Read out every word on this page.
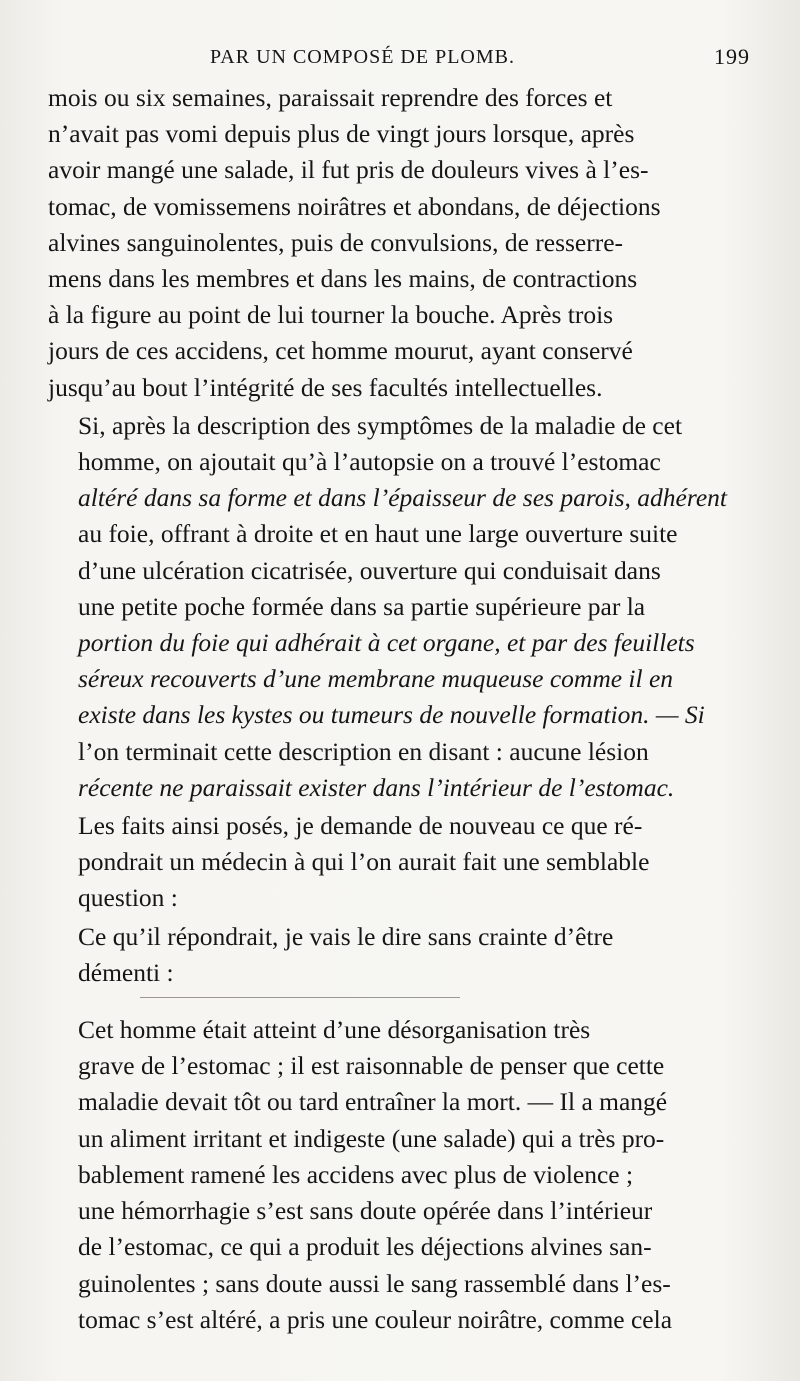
PAR UN COMPOSÉ DE PLOMB.	199

mois ou six semaines, paraissait reprendre des forces et
n’avait pas vomi depuis plus de vingt jours lorsque, après
avoir mangé une salade, il fut pris de douleurs vives à l’es-
tomac, de vomissemens noirâtres et abondans, de déjections
alvines sanguinolentes, puis de convulsions, de resserre-
mens dans les membres et dans les mains, de contractions
à la figure au point de lui tourner la bouche. Après trois
jours de ces accidens, cet homme mourut, ayant conservé
jusqu’au bout l’intégrité de ses facultés intellectuelles.

Si, après la description des symptômes de la maladie de cet
homme, on ajoutait qu’à l’autopsie on a trouvé l’estomac
altéré dans sa forme et dans l’épaisseur de ses parois, adhérent
au foie, offrant à droite et en haut une large ouverture suite
d’une ulcération cicatrisée, ouverture qui conduisait dans
une petite poche formée dans sa partie supérieure par la
portion du foie qui adhérait à cet organe, et par des feuillets
séreux recouverts d’une membrane muqueuse comme il en
existe dans les kystes ou tumeurs de nouvelle formation. — Si
l’on terminait cette description en disant : aucune lésion
récente ne paraissait exister dans l’intérieur de l’estomac.

Les faits ainsi posés, je demande de nouveau ce que ré-
pondrait un médecin à qui l’on aurait fait une semblable
question :

Ce qu’il répondrait, je vais le dire sans crainte d’être
démenti :

Cet homme était atteint d’une désorganisation très
grave de l’estomac ; il est raisonnable de penser que cette
maladie devait tôt ou tard entraîner la mort. — Il a mangé
un aliment irritant et indigeste (une salade) qui a très pro-
bablement ramené les accidens avec plus de violence ;
une hémorrhagie s’est sans doute opérée dans l’intérieur
de l’estomac, ce qui a produit les déjections alvines san-
guinolentes ; sans doute aussi le sang rassemblé dans l’es-
tomac s’est altéré, a pris une couleur noirâtre, comme cela
